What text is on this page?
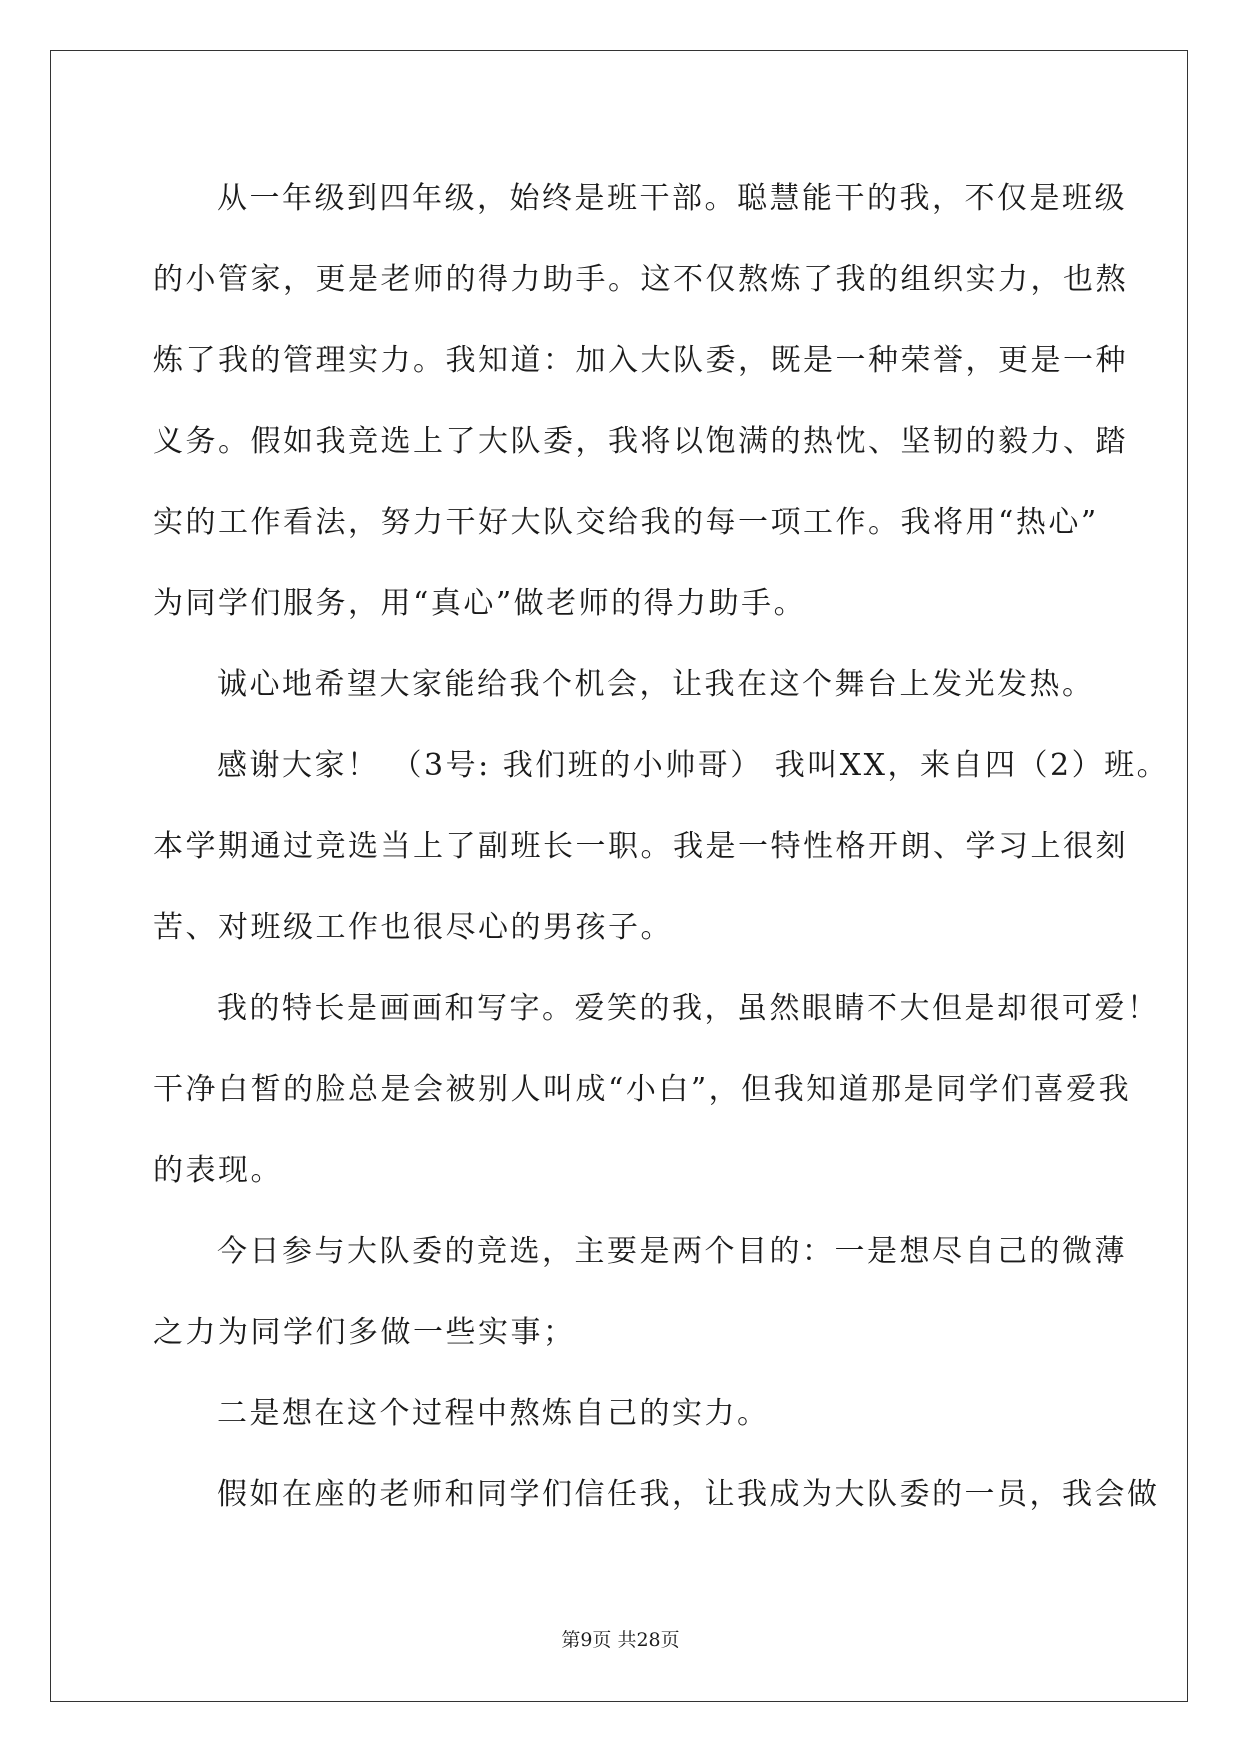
从一年级到四年级，始终是班干部。聪慧能干的我，不仅是班级
的小管家，更是老师的得力助手。这不仅熬炼了我的组织实力，也熬
炼了我的管理实力。我知道：加入大队委，既是一种荣誉，更是一种
义务。假如我竞选上了大队委，我将以饱满的热忱、坚韧的毅力、踏
实的工作看法，努力干好大队交给我的每一项工作。我将用“热心”
为同学们服务，用“真心”做老师的得力助手。
诚心地希望大家能给我个机会，让我在这个舞台上发光发热。
感谢大家！ （3号: 我们班的小帅哥） 我叫XX，来自四（2）班。
本学期通过竞选当上了副班长一职。我是一特性格开朗、学习上很刻
苦、对班级工作也很尽心的男孩子。
我的特长是画画和写字。爱笑的我，虽然眼睛不大但是却很可爱！
干净白皙的脸总是会被别人叫成“小白”，但我知道那是同学们喜爱我
的表现。
今日参与大队委的竞选，主要是两个目的：一是想尽自己的微薄
之力为同学们多做一些实事；
二是想在这个过程中熬炼自己的实力。
假如在座的老师和同学们信任我，让我成为大队委的一员，我会做
第9页 共28页
